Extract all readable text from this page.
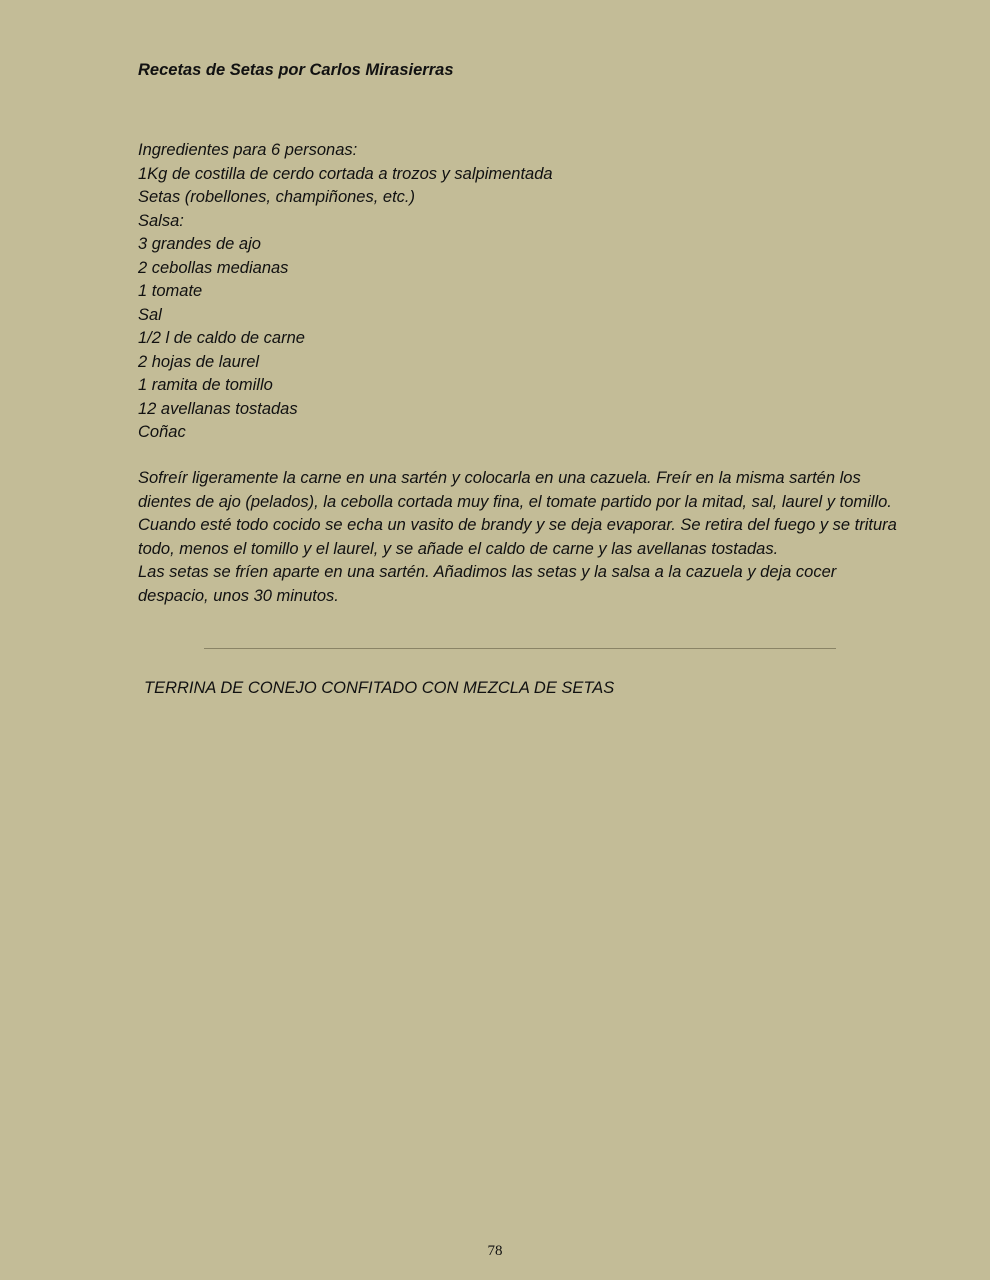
Recetas de Setas por Carlos Mirasierras
Ingredientes para 6 personas:
1Kg de costilla de cerdo cortada a trozos y salpimentada
Setas (robellones, champiñones, etc.)
Salsa:
3 grandes de ajo
2 cebollas medianas
1 tomate
Sal
1/2 l de caldo de carne
2 hojas de laurel
1 ramita de tomillo
12 avellanas tostadas
Coñac

Sofreír ligeramente la carne en una sartén y colocarla en una cazuela. Freír en la misma sartén los dientes de ajo (pelados), la cebolla cortada muy fina, el tomate partido por la mitad, sal, laurel y tomillo. Cuando esté todo cocido se echa un vasito de brandy y se deja evaporar. Se retira del fuego y se tritura todo, menos el tomillo y el laurel, y se añade el caldo de carne y las avellanas tostadas.

Las setas se fríen aparte en una sartén. Añadimos las setas y la salsa a la cazuela y deja cocer despacio, unos 30 minutos.

TERRINA DE CONEJO CONFITADO CON MEZCLA DE SETAS
78
